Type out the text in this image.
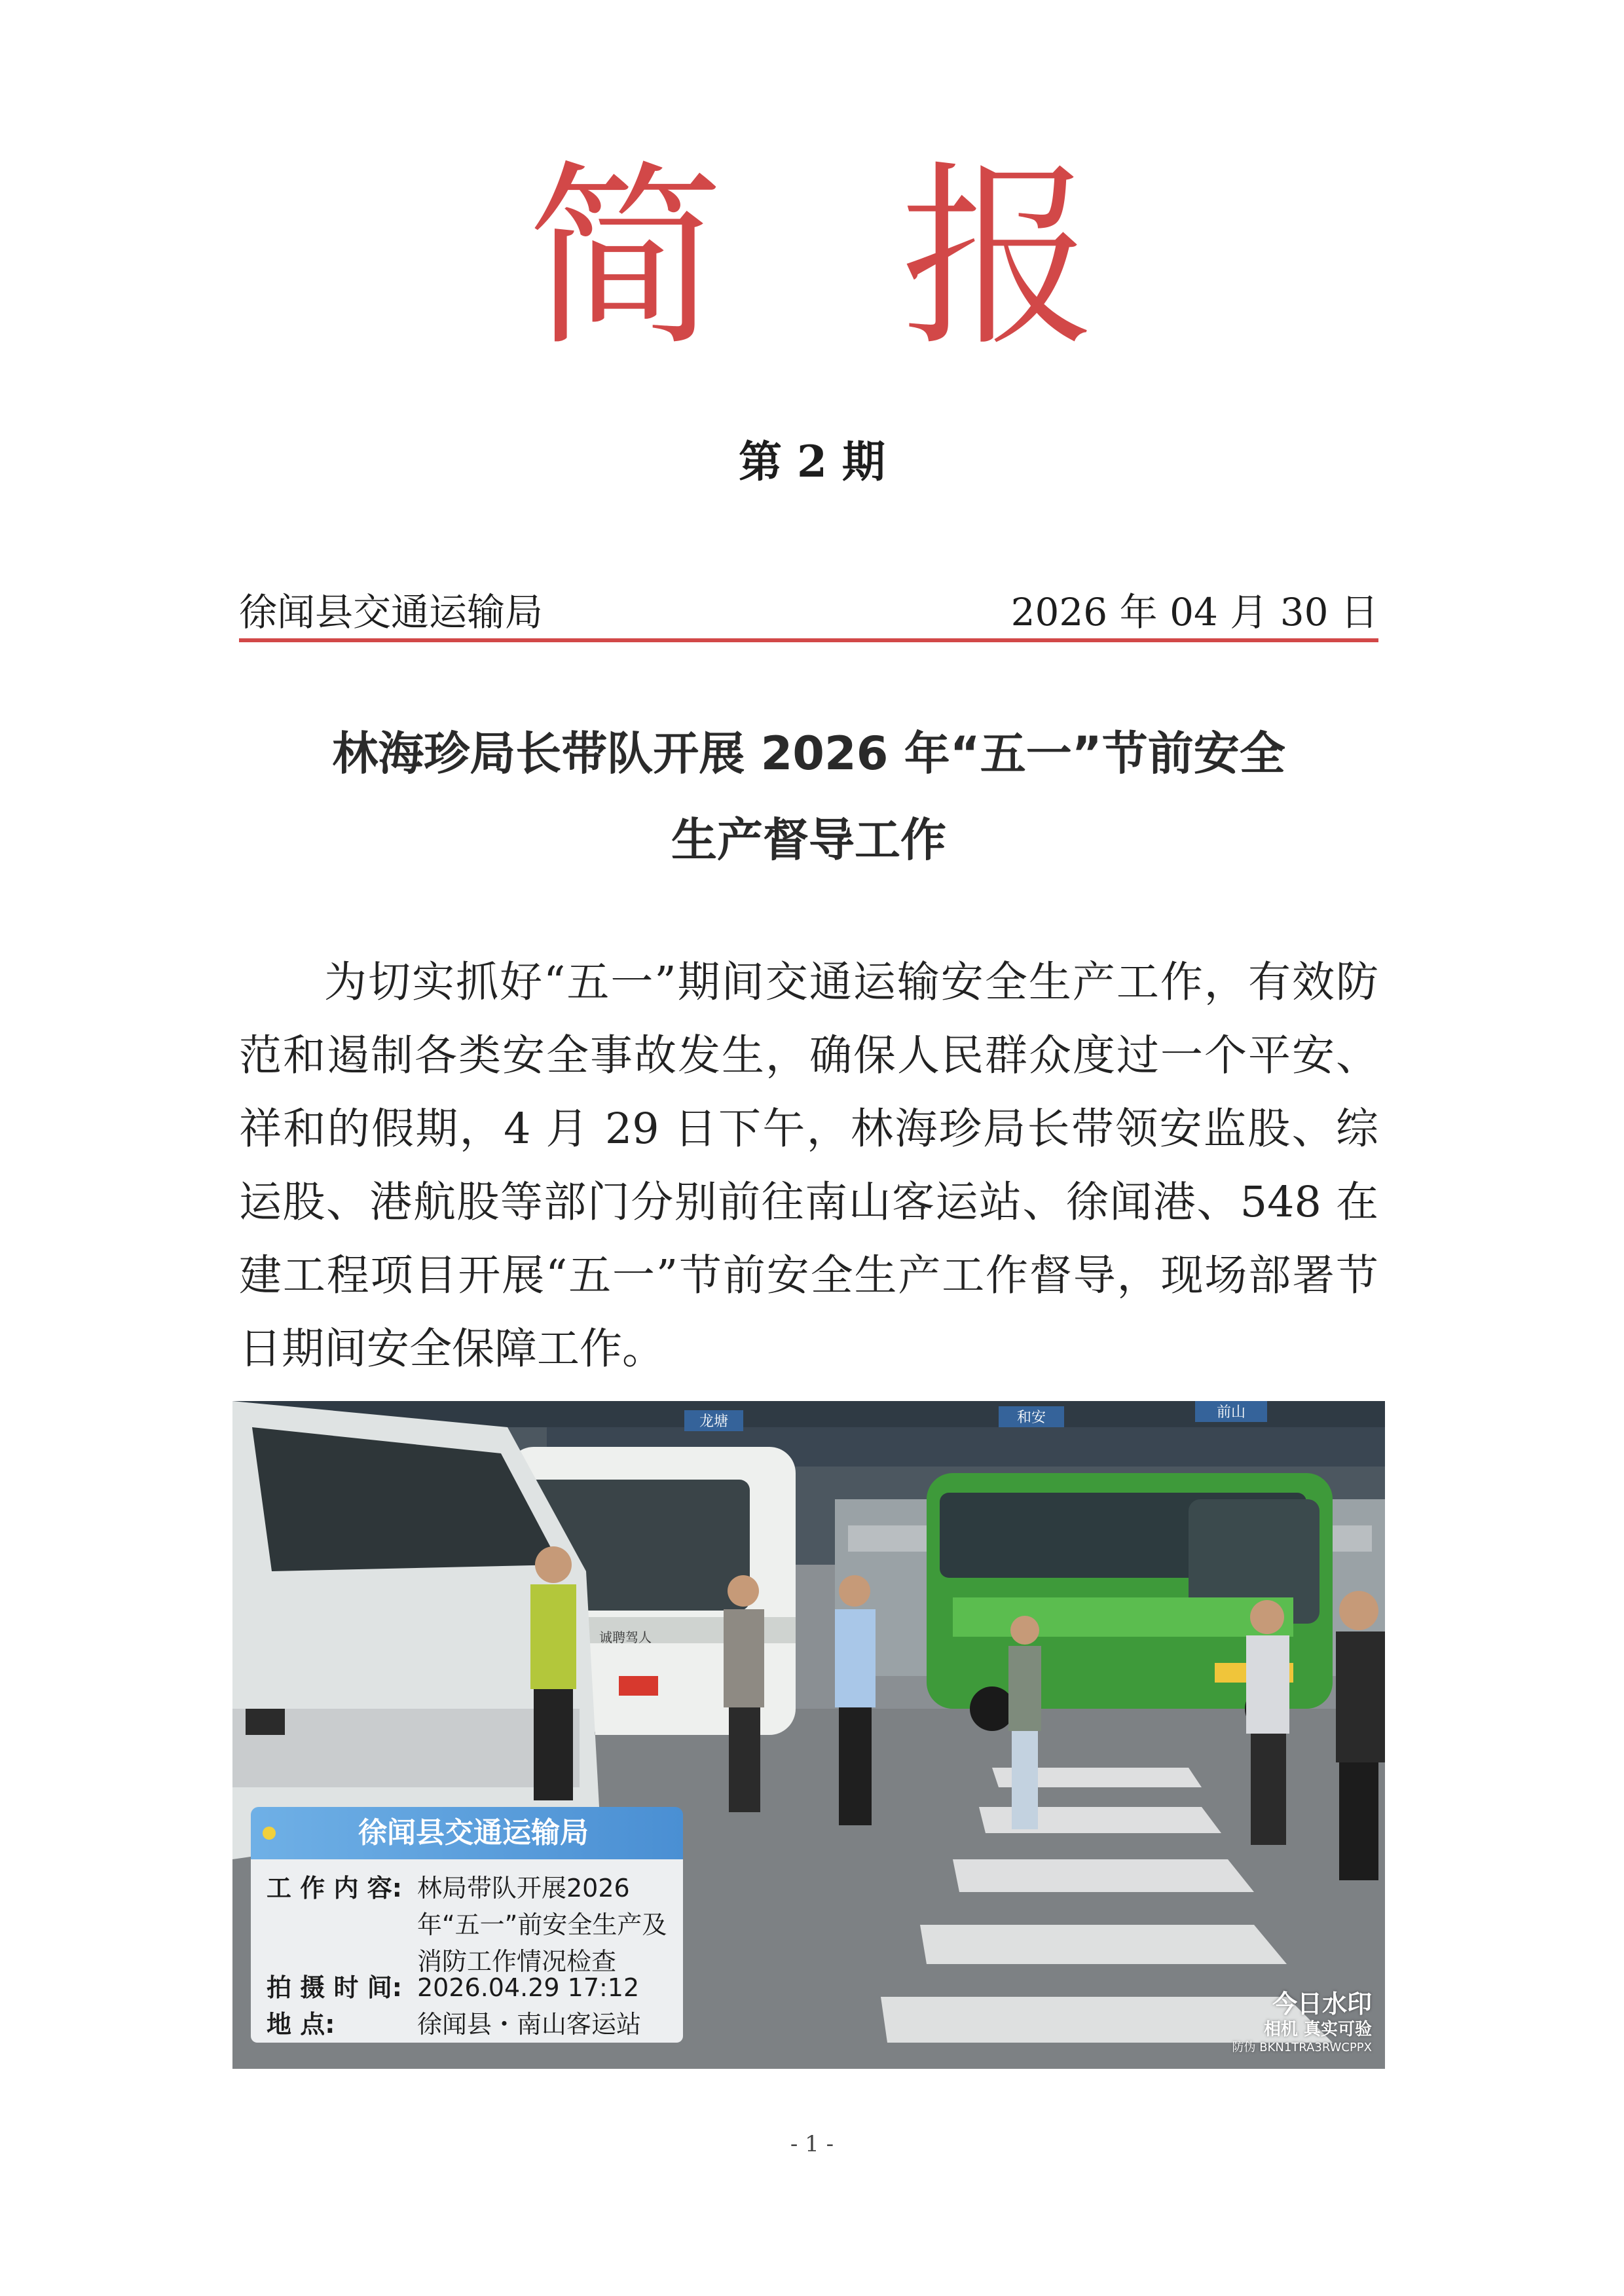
简 报
第 2 期
徐闻县交通运输局	2026 年 04 月 30 日
林海珍局长带队开展 2026 年“五一”节前安全
生产督导工作
为切实抓好“五一”期间交通运输安全生产工作，有效防范和遏制各类安全事故发生，确保人民群众度过一个平安、祥和的假期，4 月 29 日下午，林海珍局长带领安监股、综运股、港航股等部门分别前往南山客运站、徐闻港、548 在建工程项目开展“五一”节前安全生产工作督导，现场部署节日期间安全保障工作。
龙塘	和安	前山
诚聘驾人
徐闻县交通运输局
工 作 内 容: 林局带队开展2026年“五一”前安全生产及消防工作情况检查
拍 摄 时 间: 2026.04.29 17:12
地 点:	徐闻县・南山客运站
今日水印
相机 真实可验
防伪 BKN1TRA3RWCPPX
- 1 -
